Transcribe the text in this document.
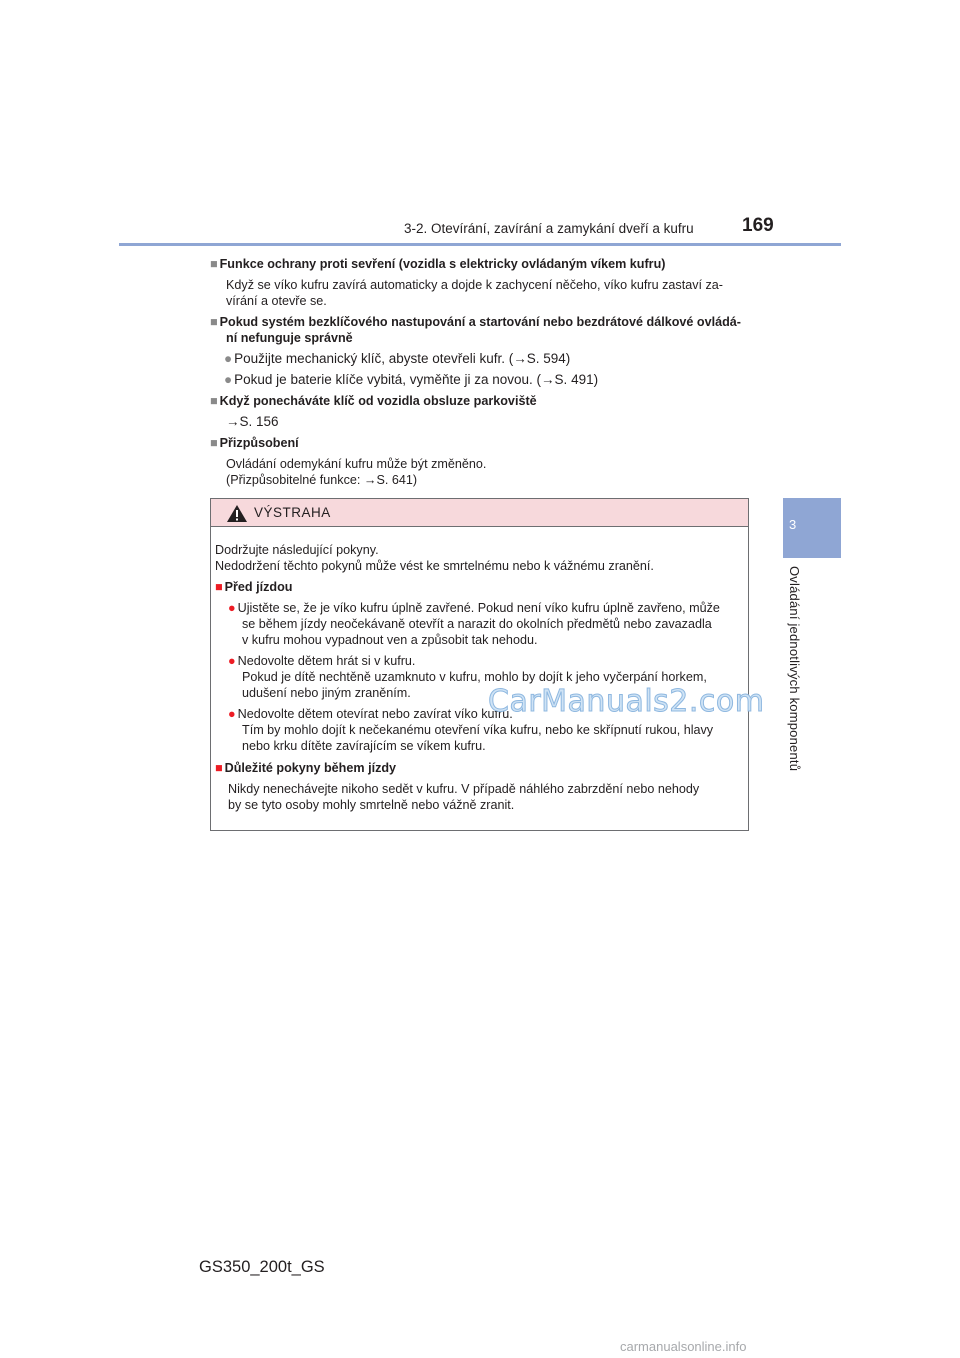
3-2. Otevírání, zavírání a zamykání dveří a kufru	169
3
Ovládání jednotlivých komponentů
■ Funkce ochrany proti sevření (vozidla s elektricky ovládaným víkem kufru)
Když se víko kufru zavírá automaticky a dojde k zachycení něčeho, víko kufru zastaví za-
vírání a otevře se.
■ Pokud systém bezklíčového nastupování a startování nebo bezdrátové dálkové ovládá-
ní nefunguje správně
● Použijte mechanický klíč, abyste otevřeli kufr. (→S. 594)
● Pokud je baterie klíče vybitá, vyměňte ji za novou. (→S. 491)
■ Když ponecháváte klíč od vozidla obsluze parkoviště
→S. 156
■ Přizpůsobení
Ovládání odemykání kufru může být změněno.
(Přizpůsobitelné funkce: →S. 641)
VÝSTRAHA
Dodržujte následující pokyny.
Nedodržení těchto pokynů může vést ke smrtelnému nebo k vážnému zranění.
■ Před jízdou
● Ujistěte se, že je víko kufru úplně zavřené. Pokud není víko kufru úplně zavřeno, může
se během jízdy neočekávaně otevřít a narazit do okolních předmětů nebo zavazadla
v kufru mohou vypadnout ven a způsobit tak nehodu.
● Nedovolte dětem hrát si v kufru.
Pokud je dítě nechtěně uzamknuto v kufru, mohlo by dojít k jeho vyčerpání horkem,
udušení nebo jiným zraněním.
● Nedovolte dětem otevírat nebo zavírat víko kufru.
Tím by mohlo dojít k nečekanému otevření víka kufru, nebo ke skřípnutí rukou, hlavy
nebo krku dítěte zavírajícím se víkem kufru.
■ Důležité pokyny během jízdy
Nikdy nenechávejte nikoho sedět v kufru. V případě náhlého zabrzdění nebo nehody
by se tyto osoby mohly smrtelně nebo vážně zranit.
CarManuals2.com
GS350_200t_GS
carmanualsonline.info
